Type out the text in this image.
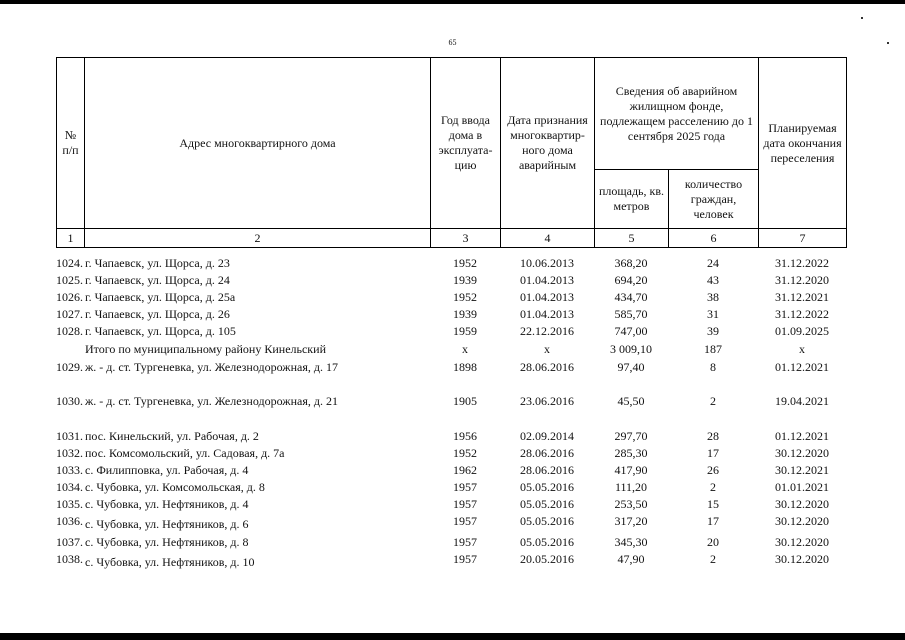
65
№ п/п	Адрес многоквартирного дома	Год ввода дома в эксплуата-цию	Дата признания многоквартир-ного дома аварийным	Сведения об аварийном жилищном фонде, подлежащем расселению до 1 сентября 2025 года		Планируемая дата окончания переселения
				площадь, кв. метров	количество граждан, человек	
1	2	3	4	5	6	7
1024. г. Чапаевск, ул. Щорса, д. 23	1952	10.06.2013	368,20	24	31.12.2022
1025. г. Чапаевск, ул. Щорса, д. 24	1939	01.04.2013	694,20	43	31.12.2020
1026. г. Чапаевск, ул. Щорса, д. 25а	1952	01.04.2013	434,70	38	31.12.2021
1027. г. Чапаевск, ул. Щорса, д. 26	1939	01.04.2013	585,70	31	31.12.2022
1028. г. Чапаевск, ул. Щорса, д. 105	1959	22.12.2016	747,00	39	01.09.2025
Итого по муниципальному району Кинельский	х	х	3 009,10	187	х
1029. ж. - д. ст. Тургеневка, ул. Железнодорожная, д. 17	1898	28.06.2016	97,40	8	01.12.2021
1030. ж. - д. ст. Тургеневка, ул. Железнодорожная, д. 21	1905	23.06.2016	45,50	2	19.04.2021
1031. пос. Кинельский, ул. Рабочая, д. 2	1956	02.09.2014	297,70	28	01.12.2021
1032. пос. Комсомольский, ул. Садовая, д. 7а	1952	28.06.2016	285,30	17	30.12.2020
1033. с. Филипповка, ул. Рабочая, д. 4	1962	28.06.2016	417,90	26	30.12.2021
1034. с. Чубовка, ул. Комсомольская, д. 8	1957	05.05.2016	111,20	2	01.01.2021
1035. с. Чубовка, ул. Нефтяников, д. 4	1957	05.05.2016	253,50	15	30.12.2020
1036. с. Чубовка, ул. Нефтяников, д. 6	1957	05.05.2016	317,20	17	30.12.2020
1037. с. Чубовка, ул. Нефтяников, д. 8	1957	05.05.2016	345,30	20	30.12.2020
1038. с. Чубовка, ул. Нефтяников, д. 10	1957	20.05.2016	47,90	2	30.12.2020
